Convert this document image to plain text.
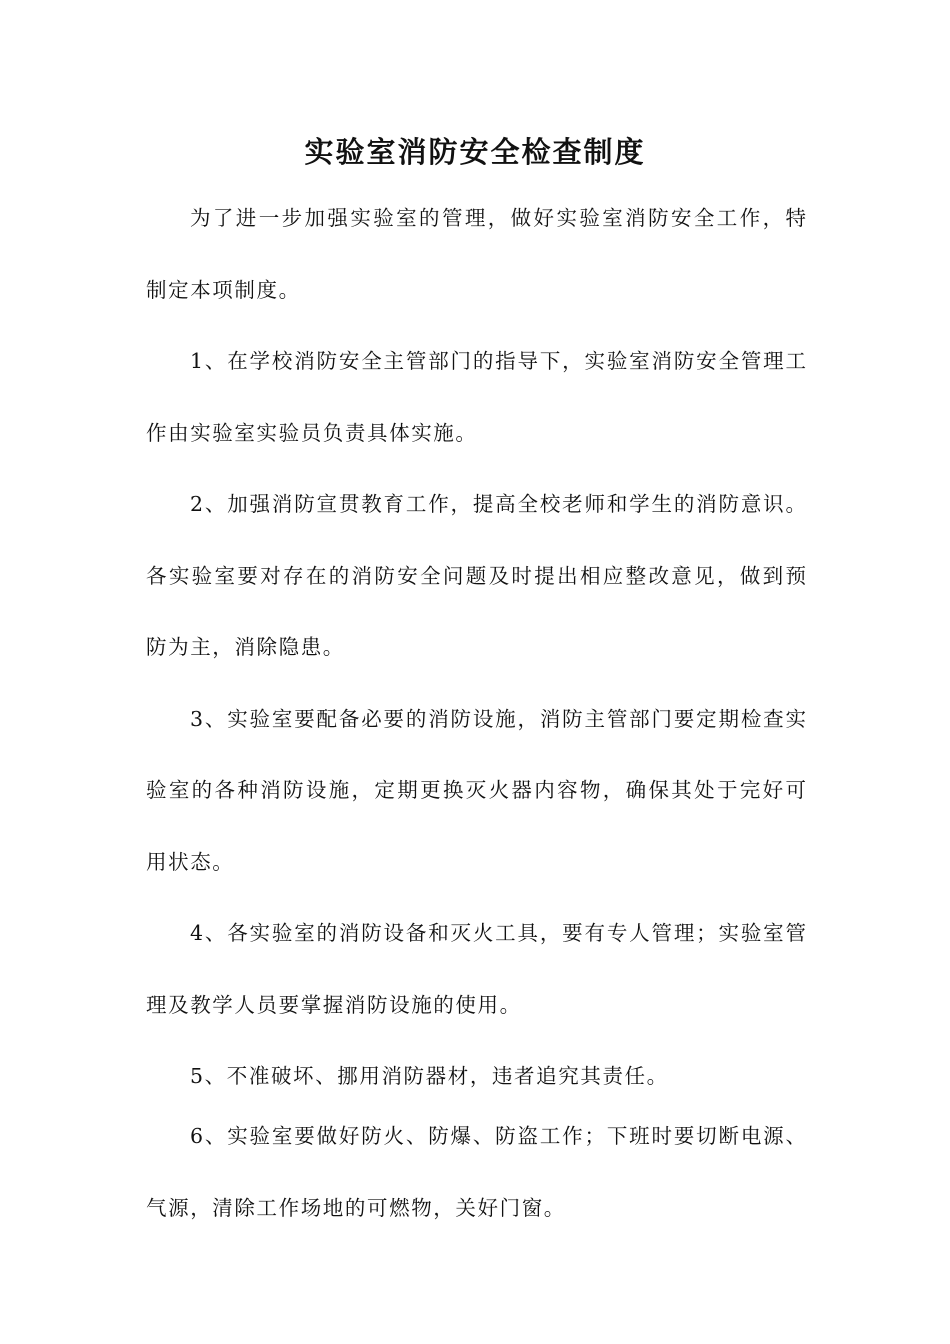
实验室消防安全检查制度
为了进一步加强实验室的管理，做好实验室消防安全工作，特
制定本项制度。
1、在学校消防安全主管部门的指导下，实验室消防安全管理工
作由实验室实验员负责具体实施。
2、加强消防宣贯教育工作，提高全校老师和学生的消防意识。
各实验室要对存在的消防安全问题及时提出相应整改意见，做到预
防为主，消除隐患。
3、实验室要配备必要的消防设施，消防主管部门要定期检查实
验室的各种消防设施，定期更换灭火器内容物，确保其处于完好可
用状态。
4、各实验室的消防设备和灭火工具，要有专人管理；实验室管
理及教学人员要掌握消防设施的使用。
5、不准破坏、挪用消防器材，违者追究其责任。
6、实验室要做好防火、防爆、防盗工作；下班时要切断电源、
气源，清除工作场地的可燃物，关好门窗。
